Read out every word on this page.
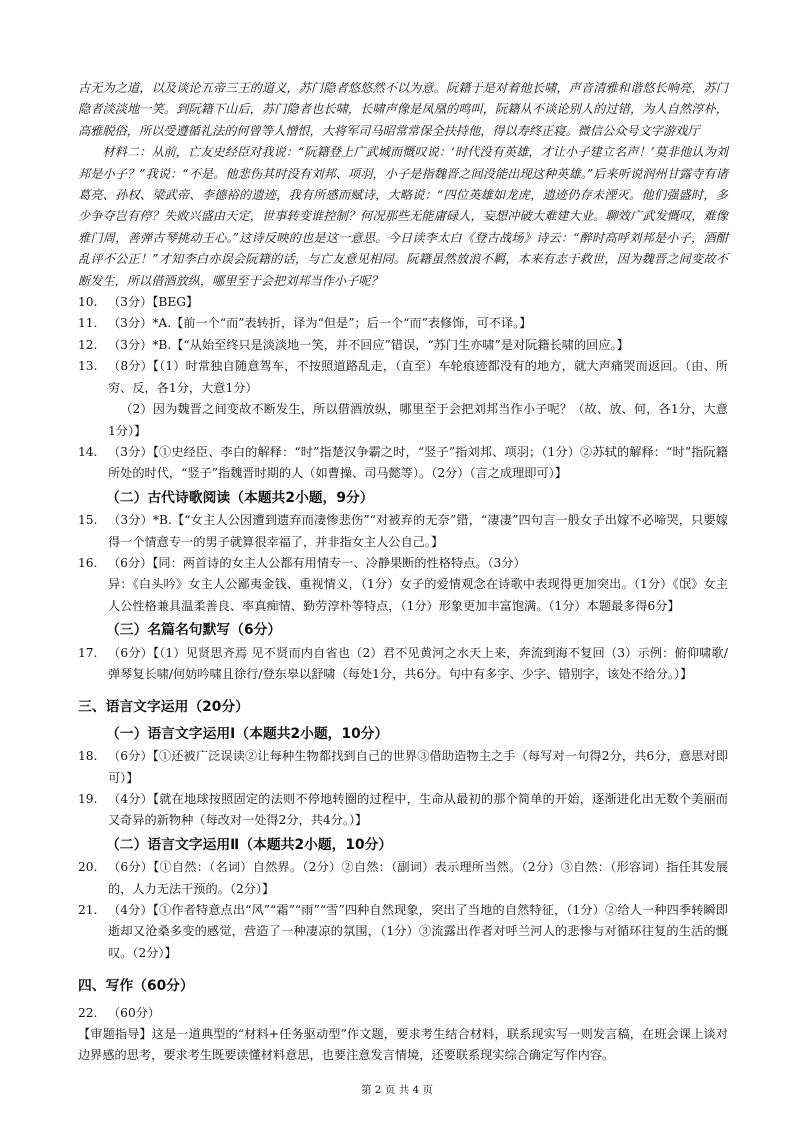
古无为之道，以及谈论五帝三王的道义，苏门隐者悠悠然不以为意。阮籍于是对着他长啸，声音清雅和谐悠长响亮，苏门隐者淡淡地一笑。到阮籍下山后，苏门隐者也长啸，长啸声像是凤凰的鸣叫，阮籍从不谈论别人的过错，为人自然淳朴，高雅脱俗，所以受遵循礼法的何曾等人憎恨，大将军司马昭常常保全扶持他，得以寿终正寝。微信公众号文字游戏厅

材料二：从前，亡友史经臣对我说：“阮籍登上广武城而慨叹说：‘时代没有英雄，才让小子建立名声！’莫非他认为刘邦是小子？”我说：“不是。他悲伤其时没有刘邦、项羽，小子是指魏晋之间没能出现这种英雄。”后来听说润州甘露寺有诸葛亮、孙权、梁武帝、李德裕的遗迹，我有所感而赋诗，大略说：“四位英雄如龙虎，遗迹仍存未湮灭。他们强盛时，多少争夺岂有停？失败兴盛由天定，世事转变谁控制？何况那些无能庸碌人，妄想冲破大难建大业。聊效广武发慨叹，难像雅门周，善弹古琴挑动王心。”这诗反映的也是这一意思。今日读李太白《登古战场》诗云：“醉时高呼刘邦是小子，酒酣乱评不公正！”才知李白亦误会阮籍的话，与亡友意见相同。阮籍虽然放浪不羁，本来有志于救世，因为魏晋之间变故不断发生，所以借酒放纵，哪里至于会把刘邦当作小子呢？

10. （3分）【BEG】
11. （3分）*A.【前一个“而”表转折，译为“但是”；后一个“而”表修饰，可不译。】
12. （3分）*B.【“从始至终只是淡淡地一笑，并不回应”错误，“苏门生亦啸”是对阮籍长啸的回应。】
13. （8分）【（1）时常独自随意驾车，不按照道路乱走，（直至）车轮痕迹都没有的地方，就大声痛哭而返回。（由、所穷、反，各1分，大意1分）

（2）因为魏晋之间变故不断发生，所以借酒放纵，哪里至于会把刘邦当作小子呢？（故、放、何，各1分，大意1分）】

14. （3分）【①史经臣、李白的解释：“时”指楚汉争霸之时，“竖子”指刘邦、项羽；（1分）②苏轼的解释：“时”指阮籍所处的时代，“竖子”指魏晋时期的人（如曹操、司马懿等）。（2分）（言之成理即可）】

（二）古代诗歌阅读（本题共2小题，9分）

15. （3分）*B.【“女主人公因遭到遗弃而凄惨悲伤”“对被弃的无奈”错，“凄凄”四句言一般女子出嫁不必啼哭，只要嫁得一个情意专一的男子就算很幸福了，并非指女主人公自己。】
16. （6分）【同：两首诗的女主人公都有用情专一、冷静果断的性格特点。（3分）

异：《白头吟》女主人公鄙夷金钱、重视情义，（1分）女子的爱情观念在诗歌中表现得更加突出。（1分）《氓》女主人公性格兼具温柔善良、率真痴情、勤劳淳朴等特点，（1分）形象更加丰富饱满。（1分）本题最多得6分】

（三）名篇名句默写（6分）

17. （6分）【（1）见贤思齐焉 见不贤而内自省也（2）君不见黄河之水天上来，奔流到海不复回（3）示例：俯仰啸歌/弹琴复长啸/何妨吟啸且徐行/登东皋以舒啸（每处1分，共6分。句中有多字、少字、错别字，该处不给分。）】

三、语言文字运用（20分）

（一）语言文字运用Ⅰ（本题共2小题，10分）

18. （6分）【①还被广泛误读②让每种生物都找到自己的世界③借助造物主之手（每写对一句得2分，共6分，意思对即可）】
19. （4分）【就在地球按照固定的法则不停地转圈的过程中，生命从最初的那个简单的开始，逐渐进化出无数个美丽而又奇异的新物种（每改对一处得2分，共4分。）】

（二）语言文字运用Ⅱ（本题共2小题，10分）

20. （6分）【①自然：（名词）自然界。（2分）②自然：（副词）表示理所当然。（2分）③自然：（形容词）指任其发展的，人力无法干预的。（2分）】
21. （4分）【①作者特意点出“风”“霜”“雨”“雪”四种自然现象，突出了当地的自然特征，（1分）②给人一种四季转瞬即逝却又沧桑多变的感觉，营造了一种凄凉的氛围，（1分）③流露出作者对呼兰河人的悲惨与对循环往复的生活的慨叹。（2分）】

四、写作（60分）

22. （60分）

【审题指导】这是一道典型的“材料+任务驱动型”作文题，要求考生结合材料，联系现实写一则发言稿，在班会课上谈对边界感的思考，要求考生既要读懂材料意思，也要注意发言情境，还要联系现实综合确定写作内容。

第 2 页 共 4 页
